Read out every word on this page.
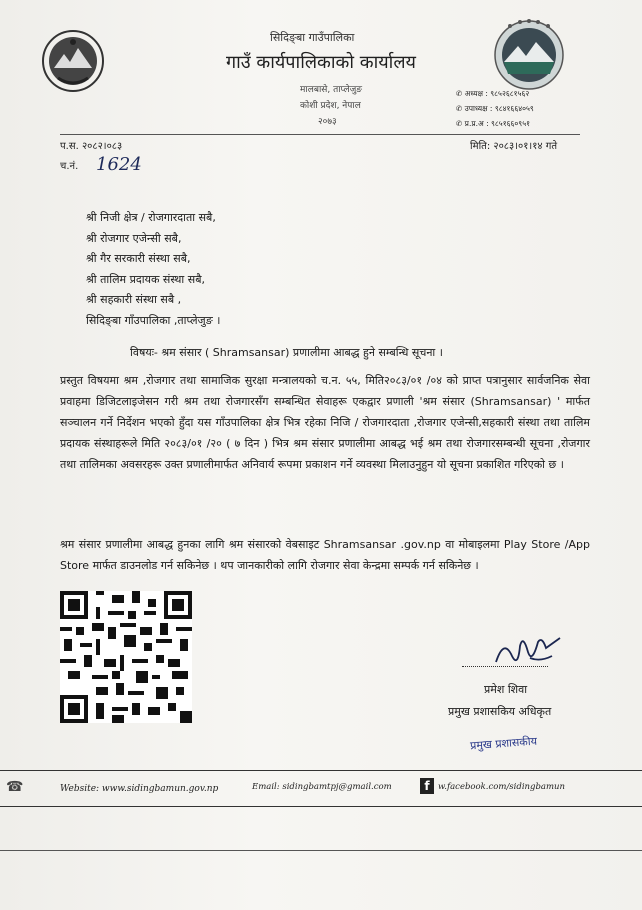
सिदिङ्बा गाउँपालिका
गाउँ कार्यपालिकाको कार्यालय
मालबासे, ताप्लेजुङ
कोशी प्रदेश, नेपाल
२०७३
✆ अध्यक्ष : ९८५२६८१५६२
✆ उपाध्यक्ष : ९८४१६६४०५९
✆ प्र.प्र.अ : ९८५१६६०९५१
प.स. २०८२।०८३
च.नं. 1624
मिति: २०८३।०१।१४ गते
श्री निजी क्षेत्र / रोजगारदाता सबै,
श्री रोजगार एजेन्सी सबै,
श्री गैर सरकारी संस्था सबै,
श्री तालिम प्रदायक संस्था सबै,
श्री सहकारी संस्था सबै ,
सिदिङ्बा गाँउपालिका ,ताप्लेजुङ ।
विषयः- श्रम संसार ( Shramsansar) प्रणालीमा आबद्ध हुने सम्बन्धि सूचना ।
प्रस्तुत विषयमा श्रम ,रोजगार तथा सामाजिक सुरक्षा मन्त्रालयको च.न. ५५, मिति२०८३/०१ /०४ को प्राप्त पत्रानुसार सार्वजनिक सेवा प्रवाहमा डिजिटलाइजेसन गरी श्रम तथा रोजगारसँग सम्बन्धित सेवाहरू एकद्वार प्रणाली 'श्रम संसार (Shramsansar) ' मार्फत सञ्चालन गर्ने निर्देशन भएको हुँदा यस गाँउपालिका क्षेत्र भित्र रहेका निजि / रोजगारदाता ,रोजगार एजेन्सी,सहकारी संस्था तथा तालिम प्रदायक संस्थाहरूले मिति २०८३/०१ /२० ( ७ दिन ) भित्र श्रम संसार प्रणालीमा आबद्ध भई श्रम तथा रोजगारसम्बन्धी सूचना ,रोजगार तथा तालिमका अवसरहरू उक्त प्रणालीमार्फत अनिवार्य रूपमा प्रकाशन गर्ने व्यवस्था मिलाउनुहुन यो सूचना प्रकाशित गरिएको छ ।
श्रम संसार प्रणालीमा आबद्ध हुनका लागि श्रम संसारको वेबसाइट Shramsansar .gov.np वा मोबाइलमा Play Store /App Store मार्फत डाउनलोड गर्न सकिनेछ । थप जानकारीको लागि रोजगार सेवा केन्द्रमा सम्पर्क गर्न सकिनेछ ।
प्रमेश शिवा
प्रमुख प्रशासकिय अधिकृत
प्रमुख प्रशासकीय
☎	Website: www.sidingbamun.gov.np	Email: sidingbamtpj@gmail.com	f w.facebook.com/sidingbamun
